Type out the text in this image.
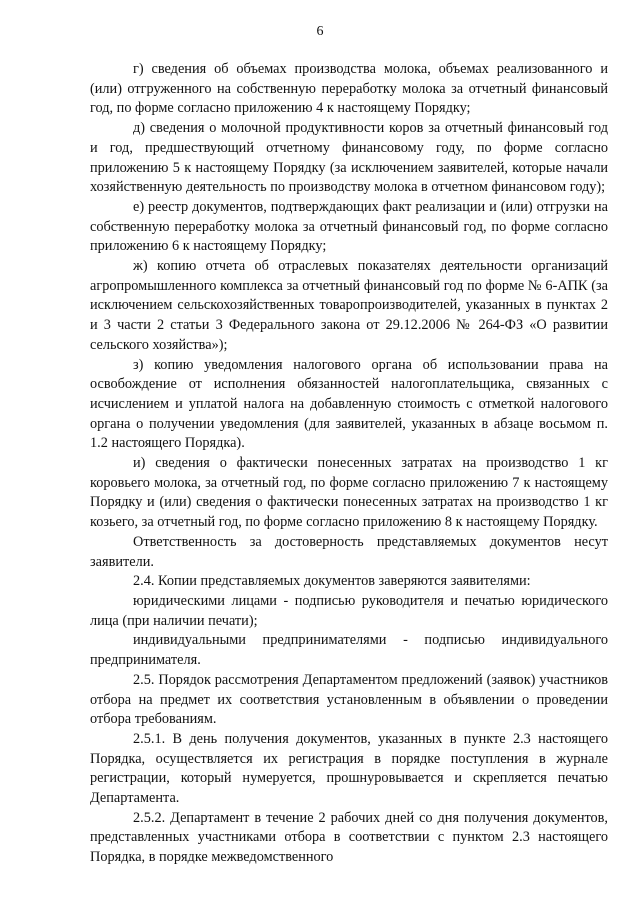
6

г) сведения об объемах производства молока, объемах реализованного и (или) отгруженного на собственную переработку молока за отчетный финансовый год, по форме согласно приложению 4 к настоящему Порядку;

д) сведения о молочной продуктивности коров за отчетный финансовый год и год, предшествующий отчетному финансовому году, по форме согласно приложению 5 к настоящему Порядку (за исключением заявителей, которые начали хозяйственную деятельность по производству молока в отчетном финансовом году);

е) реестр документов, подтверждающих факт реализации и (или) отгрузки на собственную переработку молока за отчетный финансовый год, по форме согласно приложению 6 к настоящему Порядку;

ж) копию отчета об отраслевых показателях деятельности организаций агропромышленного комплекса за отчетный финансовый год по форме № 6-АПК (за исключением сельскохозяйственных товаропроизводителей, указанных в пунктах 2 и 3 части 2 статьи 3 Федерального закона от 29.12.2006 № 264-ФЗ «О развитии сельского хозяйства»);

з) копию уведомления налогового органа об использовании права на освобождение от исполнения обязанностей налогоплательщика, связанных с исчислением и уплатой налога на добавленную стоимость с отметкой налогового органа о получении уведомления (для заявителей, указанных в абзаце восьмом п. 1.2 настоящего Порядка).

и) сведения о фактически понесенных затратах на производство 1 кг коровьего молока, за отчетный год, по форме согласно приложению 7 к настоящему Порядку и (или) сведения о фактически понесенных затратах на производство 1 кг козьего, за отчетный год, по форме согласно приложению 8 к настоящему Порядку.

Ответственность за достоверность представляемых документов несут заявители.

2.4. Копии представляемых документов заверяются заявителями:

юридическими лицами - подписью руководителя и печатью юридического лица (при наличии печати);

индивидуальными предпринимателями - подписью индивидуального предпринимателя.

2.5. Порядок рассмотрения Департаментом предложений (заявок) участников отбора на предмет их соответствия установленным в объявлении о проведении отбора требованиям.

2.5.1. В день получения документов, указанных в пункте 2.3 настоящего Порядка, осуществляется их регистрация в порядке поступления в журнале регистрации, который нумеруется, прошнуровывается и скрепляется печатью Департамента.

2.5.2. Департамент в течение 2 рабочих дней со дня получения документов, представленных участниками отбора в соответствии с пунктом 2.3 настоящего Порядка, в порядке межведомственного
